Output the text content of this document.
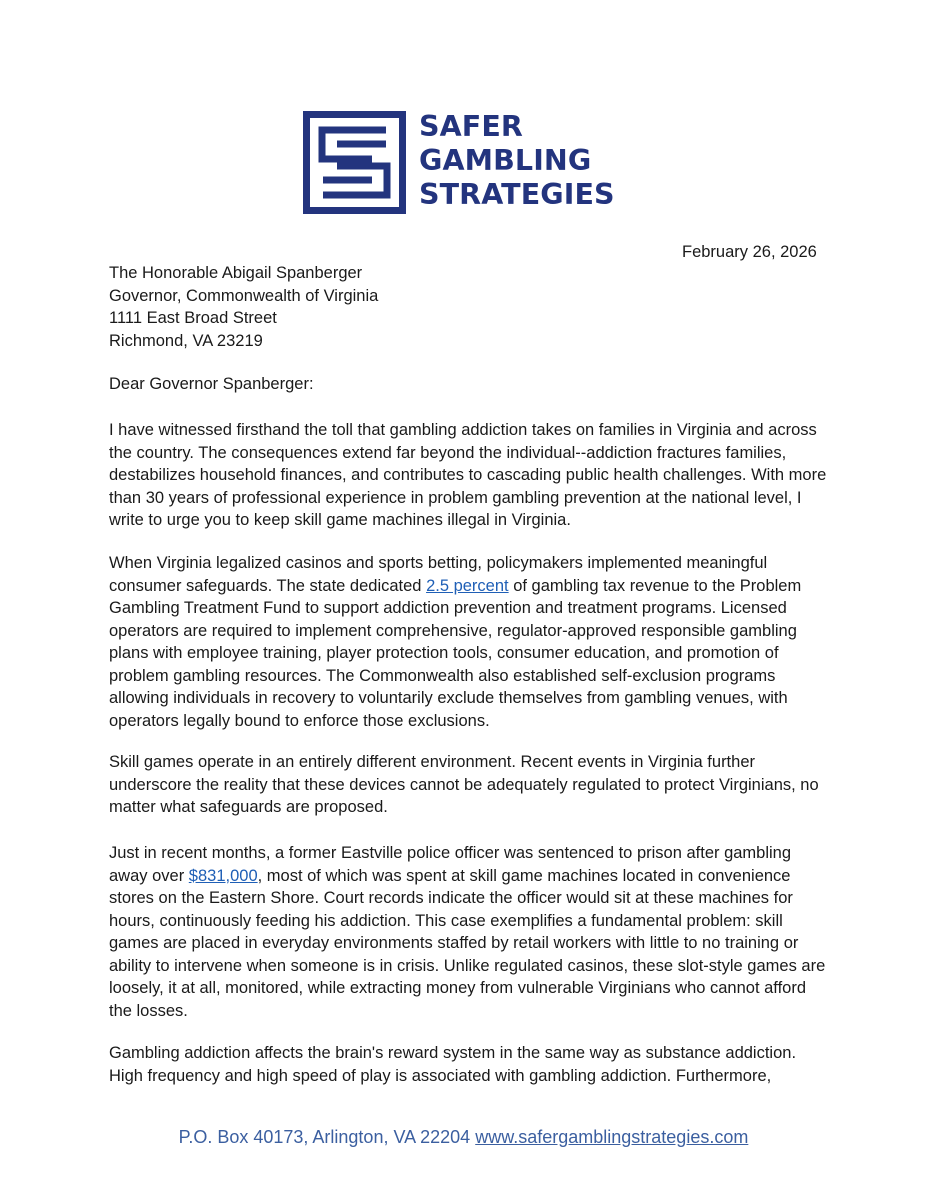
SAFER
GAMBLING
STRATEGIES
February 26, 2026
The Honorable Abigail Spanberger
Governor, Commonwealth of Virginia
1111 East Broad Street
Richmond, VA 23219
Dear Governor Spanberger:

I have witnessed firsthand the toll that gambling addiction takes on families in Virginia and across the country. The consequences extend far beyond the individual--addiction fractures families, destabilizes household finances, and contributes to cascading public health challenges. With more than 30 years of professional experience in problem gambling prevention at the national level, I write to urge you to keep skill game machines illegal in Virginia.

When Virginia legalized casinos and sports betting, policymakers implemented meaningful consumer safeguards. The state dedicated 2.5 percent of gambling tax revenue to the Problem Gambling Treatment Fund to support addiction prevention and treatment programs. Licensed operators are required to implement comprehensive, regulator-approved responsible gambling plans with employee training, player protection tools, consumer education, and promotion of problem gambling resources. The Commonwealth also established self-exclusion programs allowing individuals in recovery to voluntarily exclude themselves from gambling venues, with operators legally bound to enforce those exclusions.

Skill games operate in an entirely different environment. Recent events in Virginia further underscore the reality that these devices cannot be adequately regulated to protect Virginians, no matter what safeguards are proposed.

Just in recent months, a former Eastville police officer was sentenced to prison after gambling away over $831,000, most of which was spent at skill game machines located in convenience stores on the Eastern Shore. Court records indicate the officer would sit at these machines for hours, continuously feeding his addiction. This case exemplifies a fundamental problem: skill games are placed in everyday environments staffed by retail workers with little to no training or ability to intervene when someone is in crisis. Unlike regulated casinos, these slot-style games are loosely, it at all, monitored, while extracting money from vulnerable Virginians who cannot afford the losses.

Gambling addiction affects the brain's reward system in the same way as substance addiction. High frequency and high speed of play is associated with gambling addiction. Furthermore,

P.O. Box 40173, Arlington, VA 22204 www.safergamblingstrategies.com
